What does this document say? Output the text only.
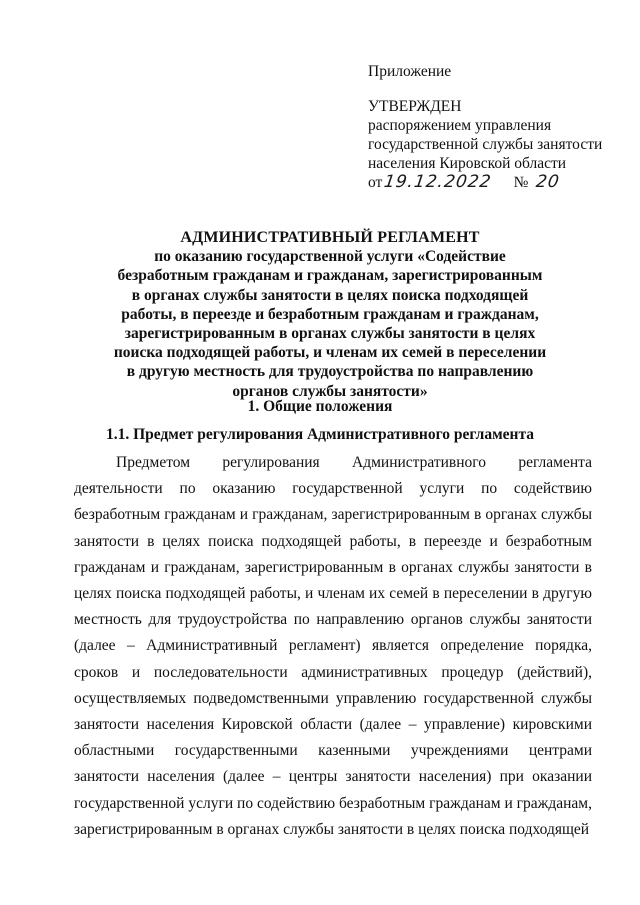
Приложение
УТВЕРЖДЕН
распоряжением управления
государственной службы занятости
населения Кировской области
от 19.12.2022 № 20
АДМИНИСТРАТИВНЫЙ РЕГЛАМЕНТ
по оказанию государственной услуги «Содействие
безработным гражданам и гражданам, зарегистрированным
в органах службы занятости в целях поиска подходящей
работы, в переезде и безработным гражданам и гражданам,
зарегистрированным в органах службы занятости в целях
поиска подходящей работы, и членам их семей в переселении
в другую местность для трудоустройства по направлению
органов службы занятости»
1. Общие положения
1.1. Предмет регулирования Административного регламента
Предметом регулирования Административного регламента деятельности по оказанию государственной услуги по содействию безработным гражданам и гражданам, зарегистрированным в органах службы занятости в целях поиска подходящей работы, в переезде и безработным гражданам и гражданам, зарегистрированным в органах службы занятости в целях поиска подходящей работы, и членам их семей в переселении в другую местность для трудоустройства по направлению органов службы занятости (далее – Административный регламент) является определение порядка, сроков и последовательности административных процедур (действий), осуществляемых подведомственными управлению государственной службы занятости населения Кировской области (далее – управление) кировскими областными государственными казенными учреждениями центрами занятости населения (далее – центры занятости населения) при оказании государственной услуги по содействию безработным гражданам и гражданам, зарегистрированным в органах службы занятости в целях поиска подходящей
